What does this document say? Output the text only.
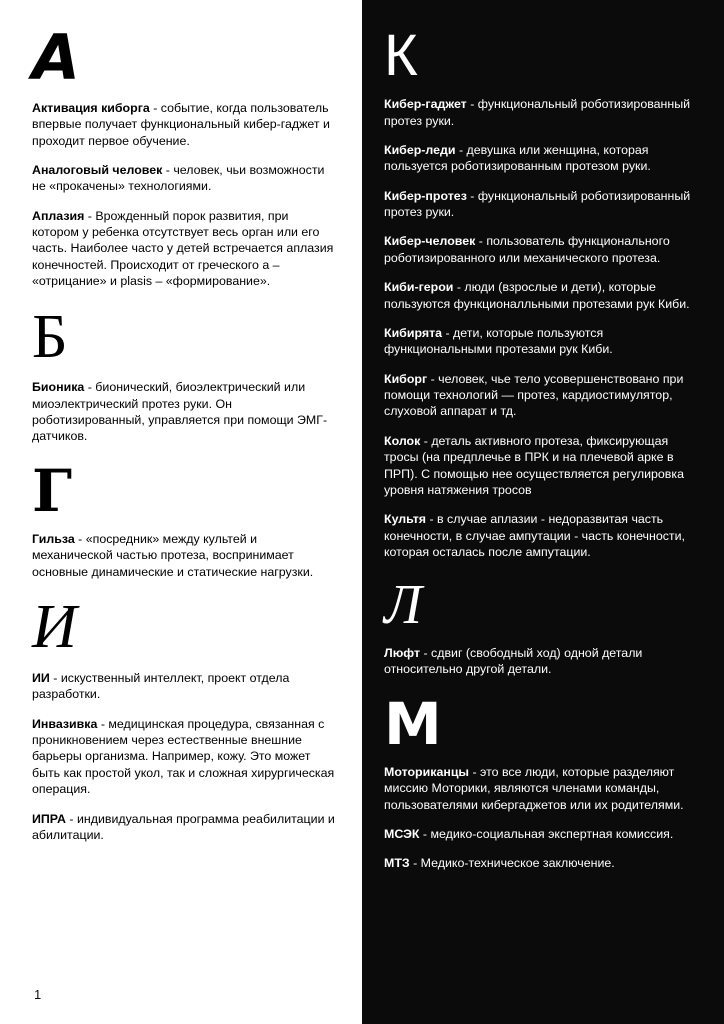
А

Активация киборга - событие, когда пользователь впервые получает функциональный кибер-гаджет и проходит первое обучение.

Аналоговый человек - человек, чьи возможности не «прокачены» технологиями.

Аплазия - Врожденный порок развития, при котором у ребенка отсутствует весь орган или его часть. Наиболее часто у детей встречается аплазия конечностей. Происходит от греческого a – «отрицание» и plasis – «формирование».

Б

Бионика - бионический, биоэлектрический или миоэлектрический протез руки. Он роботизированный, управляется при помощи ЭМГ-датчиков.

Г

Гильза - «посредник» между культей и механической частью протеза, воспринимает основные динамические и статические нагрузки.

И

ИИ - искуственный интеллект, проект отдела разработки.

Инвазивка - медицинская процедура, связанная с проникновением через естественные внешние барьеры организма. Например, кожу. Это может быть как простой укол, так и сложная хирургическая операция.

ИПРА - индивидуальная программа реабилитации и абилитации.

1
К

Кибер-гаджет - функциональный роботизированный протез руки.

Кибер-леди - девушка или женщина, которая пользуется роботизированным протезом руки.

Кибер-протез - функциональный роботизированный протез руки.

Кибер-человек - пользователь функционального роботизированного или механического протеза.

Киби-герои - люди (взрослые и дети), которые пользуются функционалльными протезами рук Киби.

Кибирята - дети, которые пользуются функциональными протезами рук Киби.

Киборг - человек, чье тело усовершенствовано при помощи технологий — протез, кардиостимулятор, слуховой аппарат и тд.

Колок - деталь активного протеза, фиксирующая тросы (на предплечье в ПРК и на плечевой арке в ПРП). С помощью нее осуществляется регулировка уровня натяжения тросов

Культя - в случае аплазии - недоразвитая часть конечности, в случае ампутации - часть конечности, которая осталась после ампутации.

Л

Люфт - сдвиг (свободный ход) одной детали относительно другой детали.

М

Моториканцы - это все люди, которые разделяют миссию Моторики, являются членами команды, пользователями кибергаджетов или их родителями.

МСЭК - медико-социальная экспертная комиссия.

МТЗ - Медико-техническое заключение.
